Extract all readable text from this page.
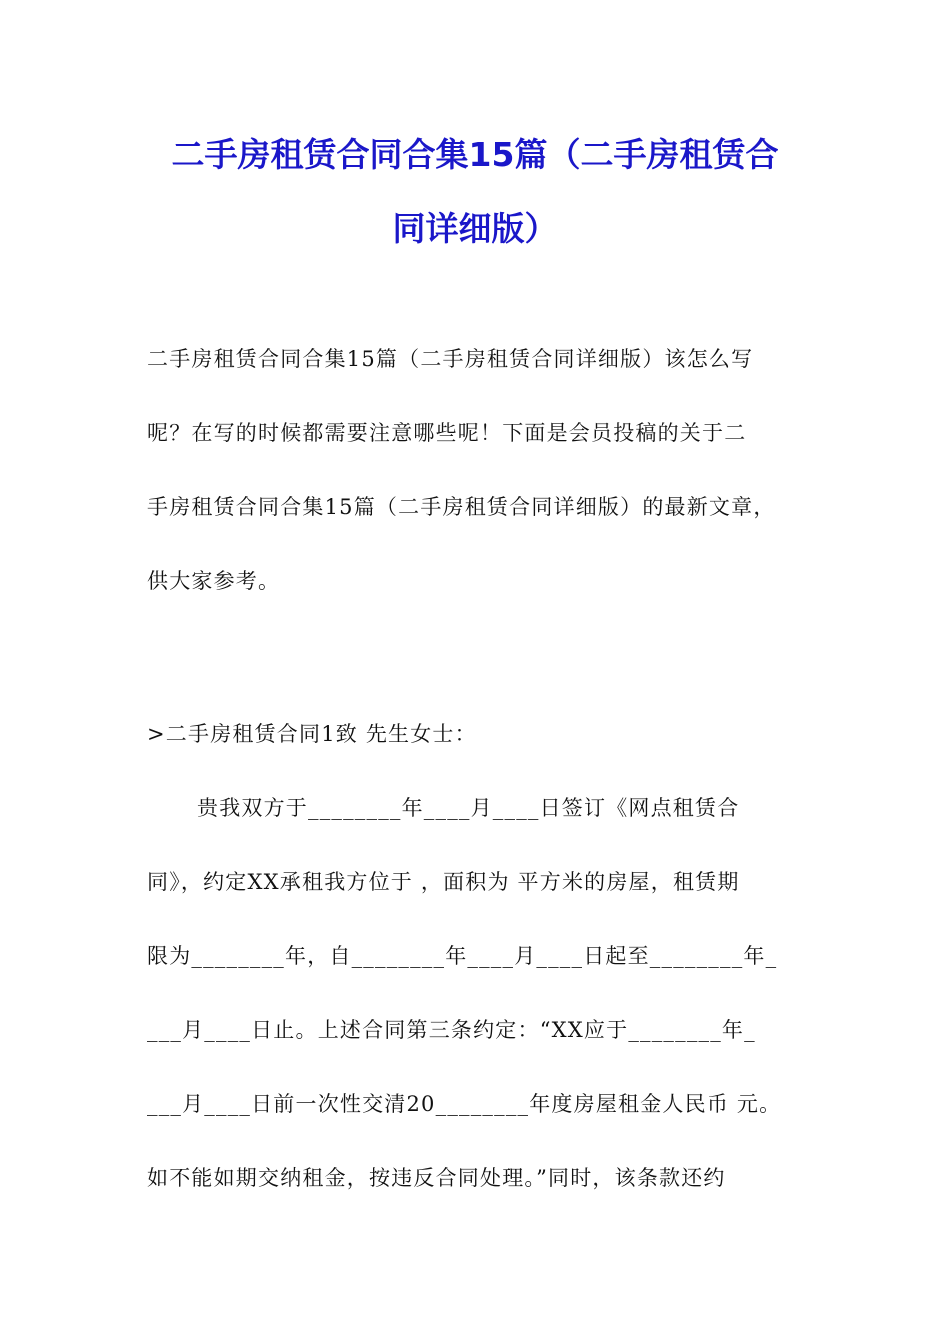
二手房租赁合同合集15篇（二手房租赁合
同详细版）
二手房租赁合同合集15篇（二手房租赁合同详细版）该怎么写
呢？在写的时候都需要注意哪些呢！下面是会员投稿的关于二
手房租赁合同合集15篇（二手房租赁合同详细版）的最新文章，
供大家参考。
>二手房租赁合同1致 先生女士：
贵我双方于________年____月____日签订《网点租赁合
同》，约定XX承租我方位于 ，面积为 平方米的房屋，租赁期
限为________年，自________年____月____日起至________年_
___月____日止。上述合同第三条约定：“XX应于________年_
___月____日前一次性交清20________年度房屋租金人民币 元。
如不能如期交纳租金，按违反合同处理。”同时，该条款还约
